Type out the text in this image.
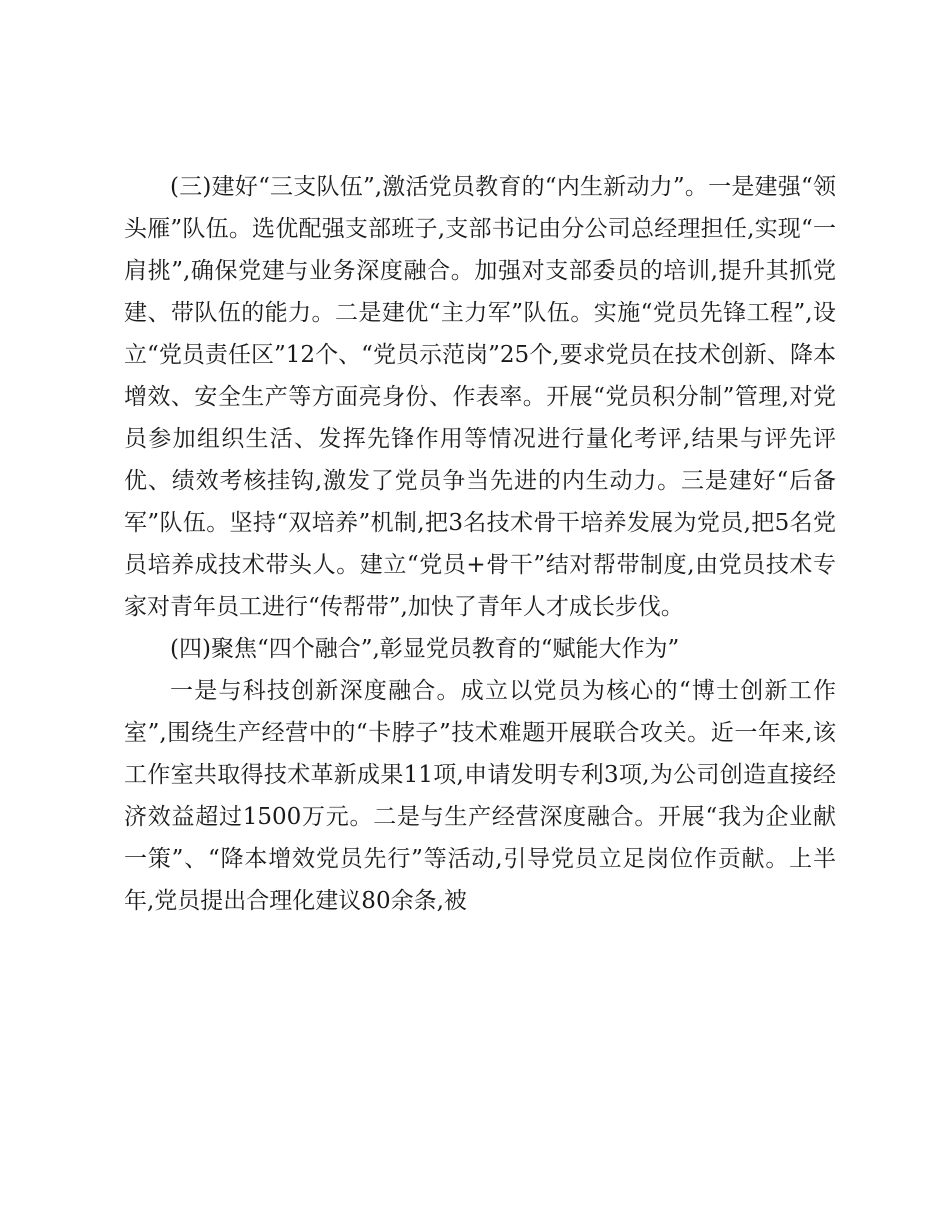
(三)建好“三支队伍”,激活党员教育的“内生新动力”。一是建强“领头雁”队伍。选优配强支部班子,支部书记由分公司总经理担任,实现“一肩挑”,确保党建与业务深度融合。加强对支部委员的培训,提升其抓党建、带队伍的能力。二是建优“主力军”队伍。实施“党员先锋工程”,设立“党员责任区”12个、“党员示范岗”25个,要求党员在技术创新、降本增效、安全生产等方面亮身份、作表率。开展“党员积分制”管理,对党员参加组织生活、发挥先锋作用等情况进行量化考评,结果与评先评优、绩效考核挂钩,激发了党员争当先进的内生动力。三是建好“后备军”队伍。坚持“双培养”机制,把3名技术骨干培养发展为党员,把5名党员培养成技术带头人。建立“党员+骨干”结对帮带制度,由党员技术专家对青年员工进行“传帮带”,加快了青年人才成长步伐。

(四)聚焦“四个融合”,彰显党员教育的“赋能大作为”

一是与科技创新深度融合。成立以党员为核心的“博士创新工作室”,围绕生产经营中的“卡脖子”技术难题开展联合攻关。近一年来,该工作室共取得技术革新成果11项,申请发明专利3项,为公司创造直接经济效益超过1500万元。二是与生产经营深度融合。开展“我为企业献一策”、“降本增效党员先行”等活动,引导党员立足岗位作贡献。上半年,党员提出合理化建议80余条,被
